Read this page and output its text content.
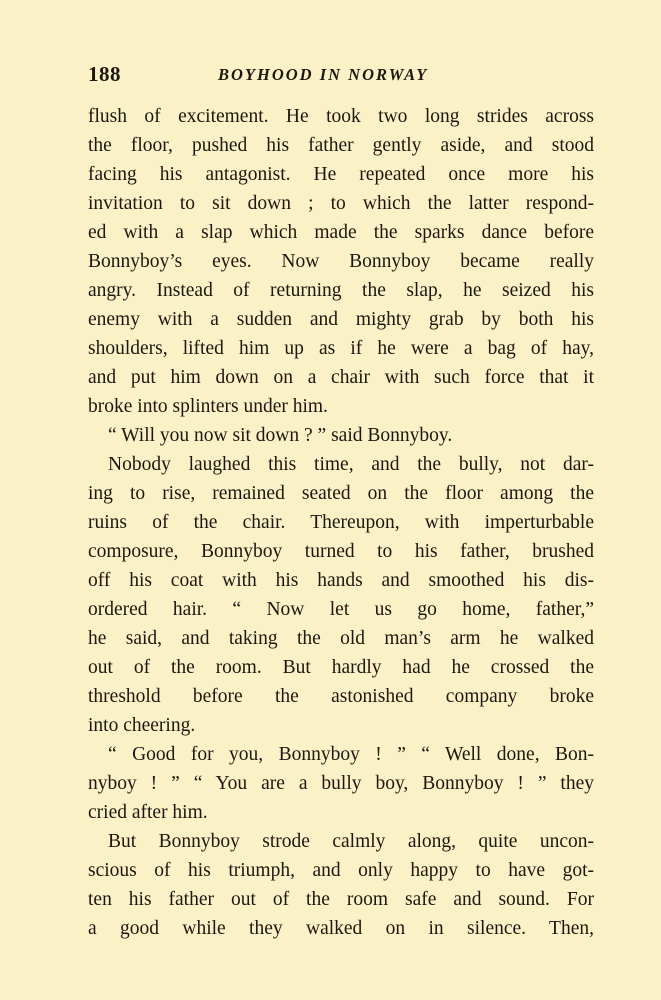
188	BOYHOOD IN NORWAY
flush of excitement. He took two long strides across
the floor, pushed his father gently aside, and stood
facing his antagonist. He repeated once more his
invitation to sit down ; to which the latter respond-
ed with a slap which made the sparks dance before
Bonnyboy’s eyes. Now Bonnyboy became really
angry. Instead of returning the slap, he seized his
enemy with a sudden and mighty grab by both his
shoulders, lifted him up as if he were a bag of hay,
and put him down on a chair with such force that it
broke into splinters under him.
“ Will you now sit down ? ” said Bonnyboy.
Nobody laughed this time, and the bully, not dar-
ing to rise, remained seated on the floor among the
ruins of the chair. Thereupon, with imperturbable
composure, Bonnyboy turned to his father, brushed
off his coat with his hands and smoothed his dis-
ordered hair. “ Now let us go home, father,”
he said, and taking the old man’s arm he walked
out of the room. But hardly had he crossed the
threshold before the astonished company broke
into cheering.
“ Good for you, Bonnyboy ! ” “ Well done, Bon-
nyboy ! ” “ You are a bully boy, Bonnyboy ! ” they
cried after him.
But Bonnyboy strode calmly along, quite uncon-
scious of his triumph, and only happy to have got-
ten his father out of the room safe and sound. For
a good while they walked on in silence. Then,
